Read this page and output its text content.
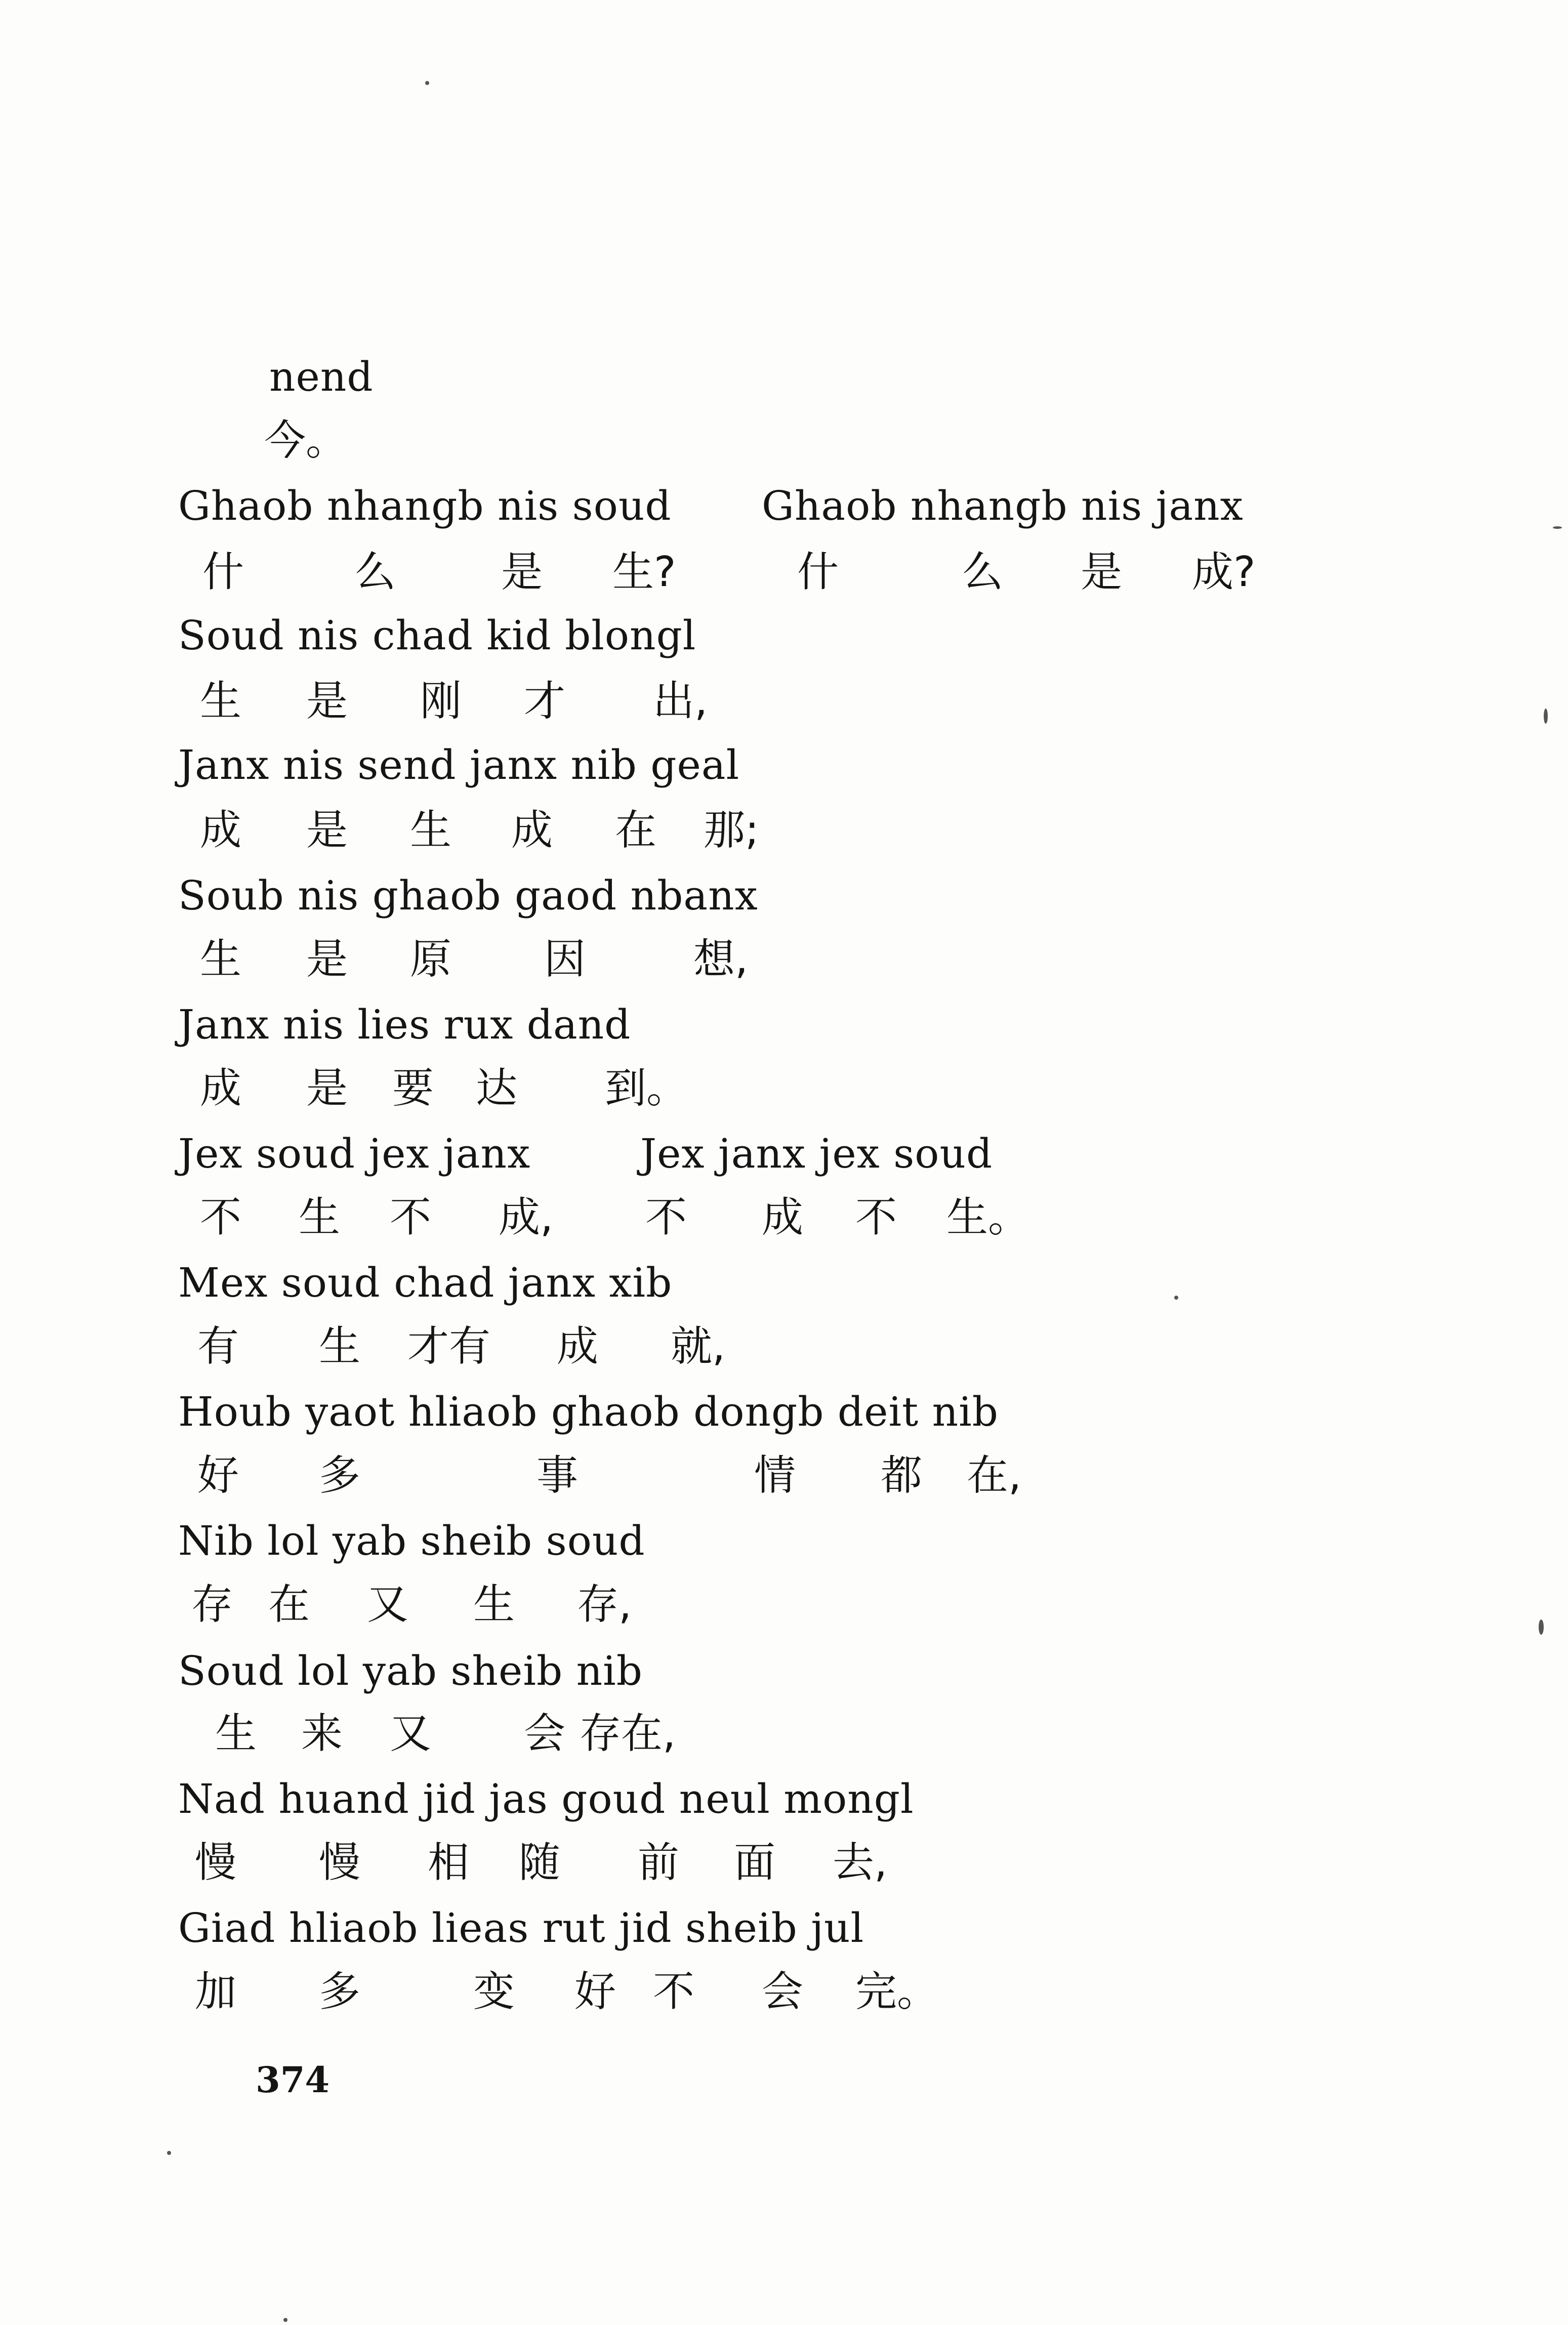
nend
今。
Ghaob nhangb nis soud Ghaob nhangb nis janx
什	么	是 生?	什	么 是 成?
Soud nis chad kid blongl
生 是 刚 才 出,
Janx nis send janx nib geal
成 是 生 成 在 那;
Soub nis ghaob gaod nbanx
生 是 原 因	想,
Janx nis lies rux dand
成 是 要 达 到。
Jex soud jex janx	Jex janx jex soud
不 生 不 成, 不 成 不 生。
Mex soud chad janx xib
有 生 才有 成 就,
Houb yaot hliaob ghaob dongb deit nib
好 多	事	情 都 在,
Nib lol yab sheib soud
存 在 又 生 存,
Soud lol yab sheib nib
生 来 又 会 存在,
Nad huand jid jas goud neul mongl
慢 慢 相 随 前 面 去,
Giad hliaob lieas rut jid sheib jul
加 多	变 好 不 会 完。
374
